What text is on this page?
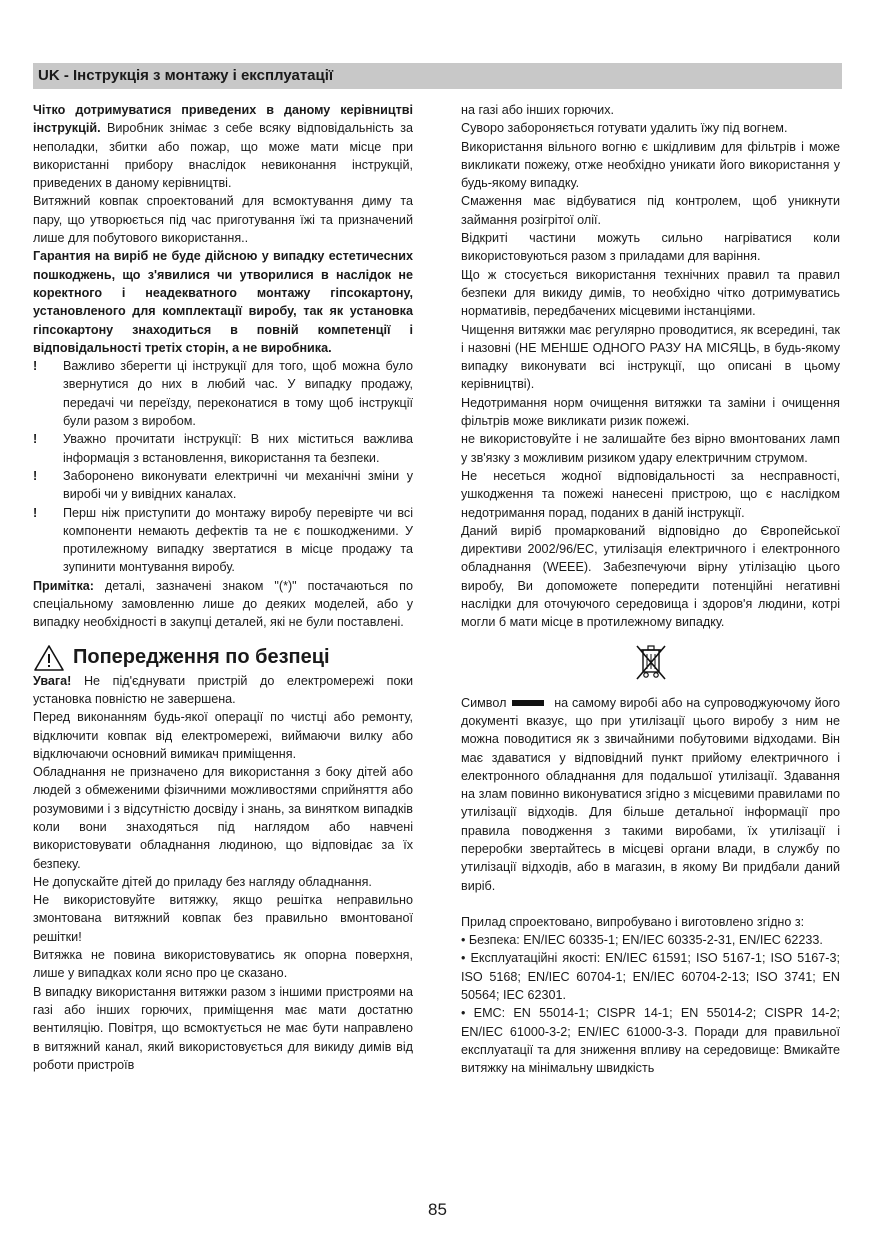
UK - Інструкція з монтажу і експлуатації

Чітко дотримуватися приведених в даному керівництві інструкцій. Виробник знімає з себе всяку відповідальність за неполадки, збитки або пожар, що може мати місце при використанні прибору внаслідок невиконання інструкцій, приведених в даному керівництві.

Витяжний ковпак спроектований для всмоктування диму та пару, що утворюється під час приготування їжі та призначений лише для побутового використання..

Гарантия на виріб не буде дійсною у випадку естетичесних пошкоджень, що з'явилися чи утворилися в наслідок не коректного і неадекватного монтажу гіпсокартону, установленого для комплектації виробу, так як установка гіпсокартону знаходиться в повній компетенції і відповідальності третіх сторін, а не виробника.

! Важливо зберегти ці інструкції для того, щоб можна було звернутися до них в любий час. У випадку продажу, передачі чи переїзду, переконатися в тому щоб інструкції були разом з виробом.

! Уважно прочитати інструкції: В них міститься важлива інформація з встановлення, використання та безпеки.

! Заборонено виконувати електричні чи механічні зміни у виробі чи у вивідних каналах.

! Перш ніж приступити до монтажу виробу перевірте чи всі компоненти немають дефектів та не є пошкодженими. У протилежному випадку звертатися в місце продажу та зупинити монтування виробу.

Примітка: деталі, зазначені знаком "(*)" постачаються по спеціальному замовленню лише до деяких моделей, або у випадку необхідності в закупці деталей, які не були поставлені.

Попередження по безпеці

Увага! Не під'єднувати пристрій до електромережі поки установка повністю не завершена.

Перед виконанням будь-якої операції по чистці або ремонту, відключити ковпак від електромережі, виймаючи вилку або відключаючи основний вимикач приміщення.

Обладнання не призначено для використання з боку дітей або людей з обмеженими фізичними можливостями сприйняття або розумовими і з відсутністю досвіду і знань, за винятком випадків коли вони знаходяться під наглядом або навчені використовувати обладнання людиною, що відповідає за їх безпеку.

Не допускайте дітей до приладу без нагляду обладнання.

Не використовуйте витяжку, якщо решітка неправильно змонтована витяжний ковпак без правильно вмонтованої решітки!

Витяжка не повина використовуватись як опорна поверхня, лише у випадках коли ясно про це сказано.

В випадку використання витяжки разом з іншими пристроями на газі або інших горючих, приміщення має мати достатню вентиляцію. Повітря, що всмоктується не має бути направлено в витяжний канал, який використовується для викиду димів від роботи пристроїв

на газі або інших горючих.

Суворо забороняється готувати удалить їжу під вогнем.

Використання вільного вогню є шкідливим для фільтрів і може викликати пожежу, отже необхідно уникати його використання у будь-якому випадку.

Смаження має відбуватися під контролем, щоб уникнути займання розігрітої олії.

Відкриті частини можуть сильно нагріватися коли використовуються разом з приладами для варіння.

Що ж стосується використання технічних правил та правил безпеки для викиду димів, то необхідно чітко дотримуватись нормативів, передбачених місцевими інстанціями.

Чищення витяжки має регулярно проводитися, як всередині, так і назовні (НЕ МЕНШЕ ОДНОГО РАЗУ НА МІСЯЦЬ, в будь-якому випадку виконувати всі інструкції, що описані в цьому керівництві).

Недотримання норм очищення витяжки та заміни і очищення фільтрів може викликати ризик пожежі.

не використовуйте і не залишайте без вірно вмонтованих ламп у зв'язку з можливим ризиком удару електричним струмом.

Не несеться жодної відповідальності за несправності, ушкодження та пожежі нанесені пристрою, що є наслідком недотримання порад, поданих в даній інструкції.

Даний виріб промаркований відповідно до Європейської директиви 2002/96/ЕС, утилізація електричного і електронного обладнання (WEEE). Забезпечуючи вірну утілізацію цього виробу, Ви допоможете попередити потенційні негативні наслідки для оточуючого середовища і здоров'я людини, котрі могли б мати місце в протилежному випадку.

Символ	на самому виробі або на супроводжуючому його документі вказує, що при утилізації цього виробу з ним не можна поводитися як з звичайними побутовими відходами. Він має здаватися у відповідний пункт прийому електричного і електронного обладнання для подальшої утилізації. Здавання на злам повинно виконуватися згідно з місцевими правилами по утилізації відходів. Для більше детальної інформації про правила поводження з такими виробами, їх утилізації і переробки звертайтесь в місцеві органи влади, в службу по утилізації відходів, або в магазин, в якому Ви придбали даний виріб.

Прилад спроектовано, випробувано і виготовлено згідно з:

• Безпека: EN/IEC 60335-1; EN/IEC 60335-2-31, EN/IEC 62233.

• Експлуатаційні якості: EN/IEC 61591; ISO 5167-1; ISO 5167-3; ISO 5168; EN/IEC 60704-1; EN/IEC 60704-2-13; ISO 3741; EN 50564; IEC 62301.

• EMC: EN 55014-1; CISPR 14-1; EN 55014-2; CISPR 14-2; EN/IEC 61000-3-2; EN/IEC 61000-3-3. Поради для правильної експлуатації та для зниження впливу на середовище: Вмикайте витяжку на мінімальну швидкість

85
